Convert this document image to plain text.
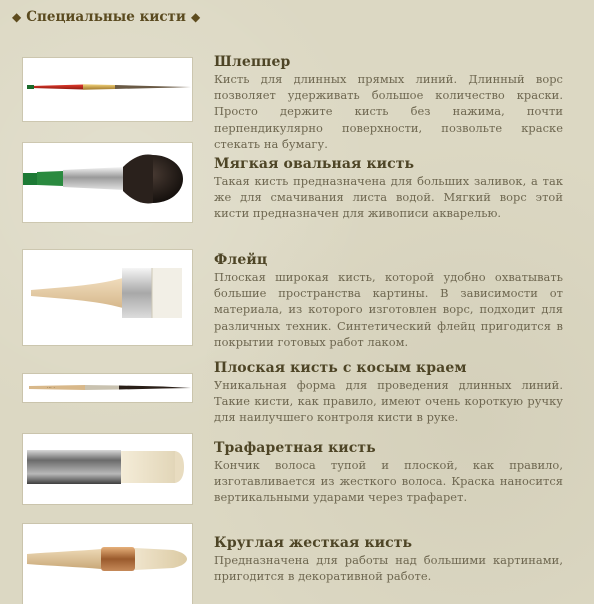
◆ Специальные кисти ◆

Шлеппер

Кисть для длинных прямых линий. Длинный ворс позволяет удерживать большое количество краски. Просто держите кисть без нажима, почти перпендикулярно поверхности, позвольте краске стекать на бумагу.

Мягкая овальная кисть

Такая кисть предназначена для больших заливок, а так же для смачивания листа водой. Мягкий ворс этой кисти предназначен для живописи акварелью.

Флейц

Плоская широкая кисть, которой удобно охватывать большие пространства картины. В зависимости от материала, из которого изготовлен ворс, подходит для различных техник. Синтетический флейц пригодится в покрытии готовых работ лаком.

··· ·

Плоская кисть с косым краем

Уникальная форма для проведения длинных линий. Такие кисти, как правило, имеют очень короткую ручку для наилучшего контроля кисти в руке.

Трафаретная кисть

Кончик волоса тупой и плоской, как правило, изготавливается из жесткого волоса. Краска наносится вертикальными ударами через трафарет.

Круглая жесткая кисть

Предназначена для работы над большими картинами, пригодится в декоративной работе.
